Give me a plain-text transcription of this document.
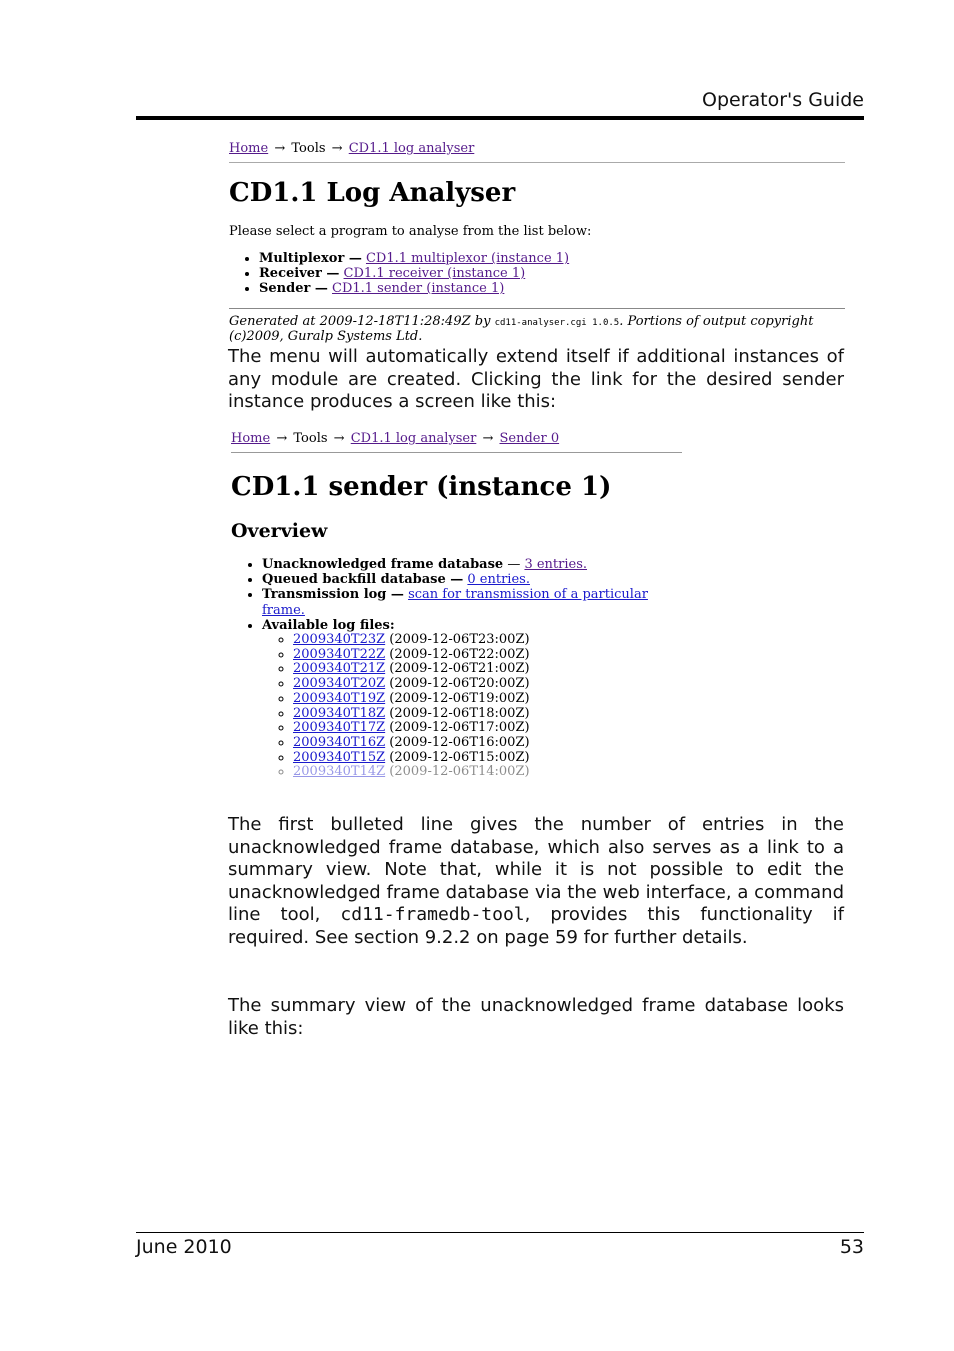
Operator's Guide
Home → Tools → CD1.1 log analyser
CD1.1 Log Analyser
Please select a program to analyse from the list below:
• Multiplexor — CD1.1 multiplexor (instance 1)
• Receiver — CD1.1 receiver (instance 1)
• Sender — CD1.1 sender (instance 1)
Generated at 2009-12-18T11:28:49Z by cd11-analyser.cgi 1.0.5. Portions of output copyright (c)2009, Guralp Systems Ltd.
The menu will automatically extend itself if additional instances of any module are created. Clicking the link for the desired sender instance produces a screen like this:
Home → Tools → CD1.1 log analyser → Sender 0
CD1.1 sender (instance 1)
Overview
• Unacknowledged frame database — 3 entries.
• Queued backfill database — 0 entries.
• Transmission log — scan for transmission of a particular frame.
• Available log files:
◦ 2009340T23Z (2009-12-06T23:00Z)
◦ 2009340T22Z (2009-12-06T22:00Z)
◦ 2009340T21Z (2009-12-06T21:00Z)
◦ 2009340T20Z (2009-12-06T20:00Z)
◦ 2009340T19Z (2009-12-06T19:00Z)
◦ 2009340T18Z (2009-12-06T18:00Z)
◦ 2009340T17Z (2009-12-06T17:00Z)
◦ 2009340T16Z (2009-12-06T16:00Z)
◦ 2009340T15Z (2009-12-06T15:00Z)
◦ 2009340T14Z (2009-12-06T14:00Z)
The first bulleted line gives the number of entries in the unacknowledged frame database, which also serves as a link to a summary view. Note that, while it is not possible to edit the unacknowledged frame database via the web interface, a command line tool, cd11-framedb-tool, provides this functionality if required. See section 9.2.2 on page 59 for further details.
The summary view of the unacknowledged frame database looks like this:
June 2010	53
